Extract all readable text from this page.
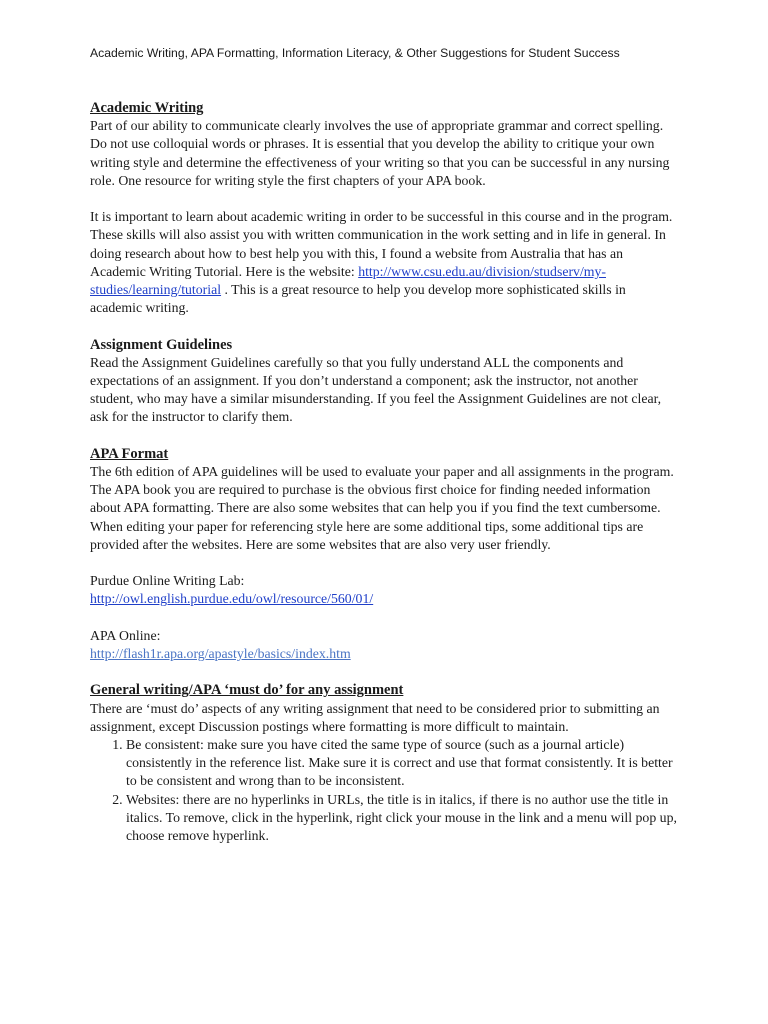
Academic Writing, APA Formatting, Information Literacy, & Other Suggestions for Student Success
Academic Writing

Part of our ability to communicate clearly involves the use of appropriate grammar and correct spelling. Do not use colloquial words or phrases. It is essential that you develop the ability to critique your own writing style and determine the effectiveness of your writing so that you can be successful in any nursing role. One resource for writing style the first chapters of your APA book.

It is important to learn about academic writing in order to be successful in this course and in the program. These skills will also assist you with written communication in the work setting and in life in general. In doing research about how to best help you with this, I found a website from Australia that has an Academic Writing Tutorial. Here is the website: http://www.csu.edu.au/division/studserv/my-studies/learning/tutorial . This is a great resource to help you develop more sophisticated skills in academic writing.

Assignment Guidelines

Read the Assignment Guidelines carefully so that you fully understand ALL the components and expectations of an assignment. If you don’t understand a component; ask the instructor, not another student, who may have a similar misunderstanding. If you feel the Assignment Guidelines are not clear, ask for the instructor to clarify them.

APA Format

The 6th edition of APA guidelines will be used to evaluate your paper and all assignments in the program. The APA book you are required to purchase is the obvious first choice for finding needed information about APA formatting. There are also some websites that can help you if you find the text cumbersome. When editing your paper for referencing style here are some additional tips, some additional tips are provided after the websites. Here are some websites that are also very user friendly.

Purdue Online Writing Lab:
http://owl.english.purdue.edu/owl/resource/560/01/
APA Online:
http://flash1r.apa.org/apastyle/basics/index.htm
General writing/APA ‘must do’ for any assignment

There are ‘must do’ aspects of any writing assignment that need to be considered prior to submitting an assignment, except Discussion postings where formatting is more difficult to maintain.

1. Be consistent: make sure you have cited the same type of source (such as a journal article) consistently in the reference list. Make sure it is correct and use that format consistently. It is better to be consistent and wrong than to be inconsistent.
2. Websites: there are no hyperlinks in URLs, the title is in italics, if there is no author use the title in italics. To remove, click in the hyperlink, right click your mouse in the link and a menu will pop up, choose remove hyperlink.
